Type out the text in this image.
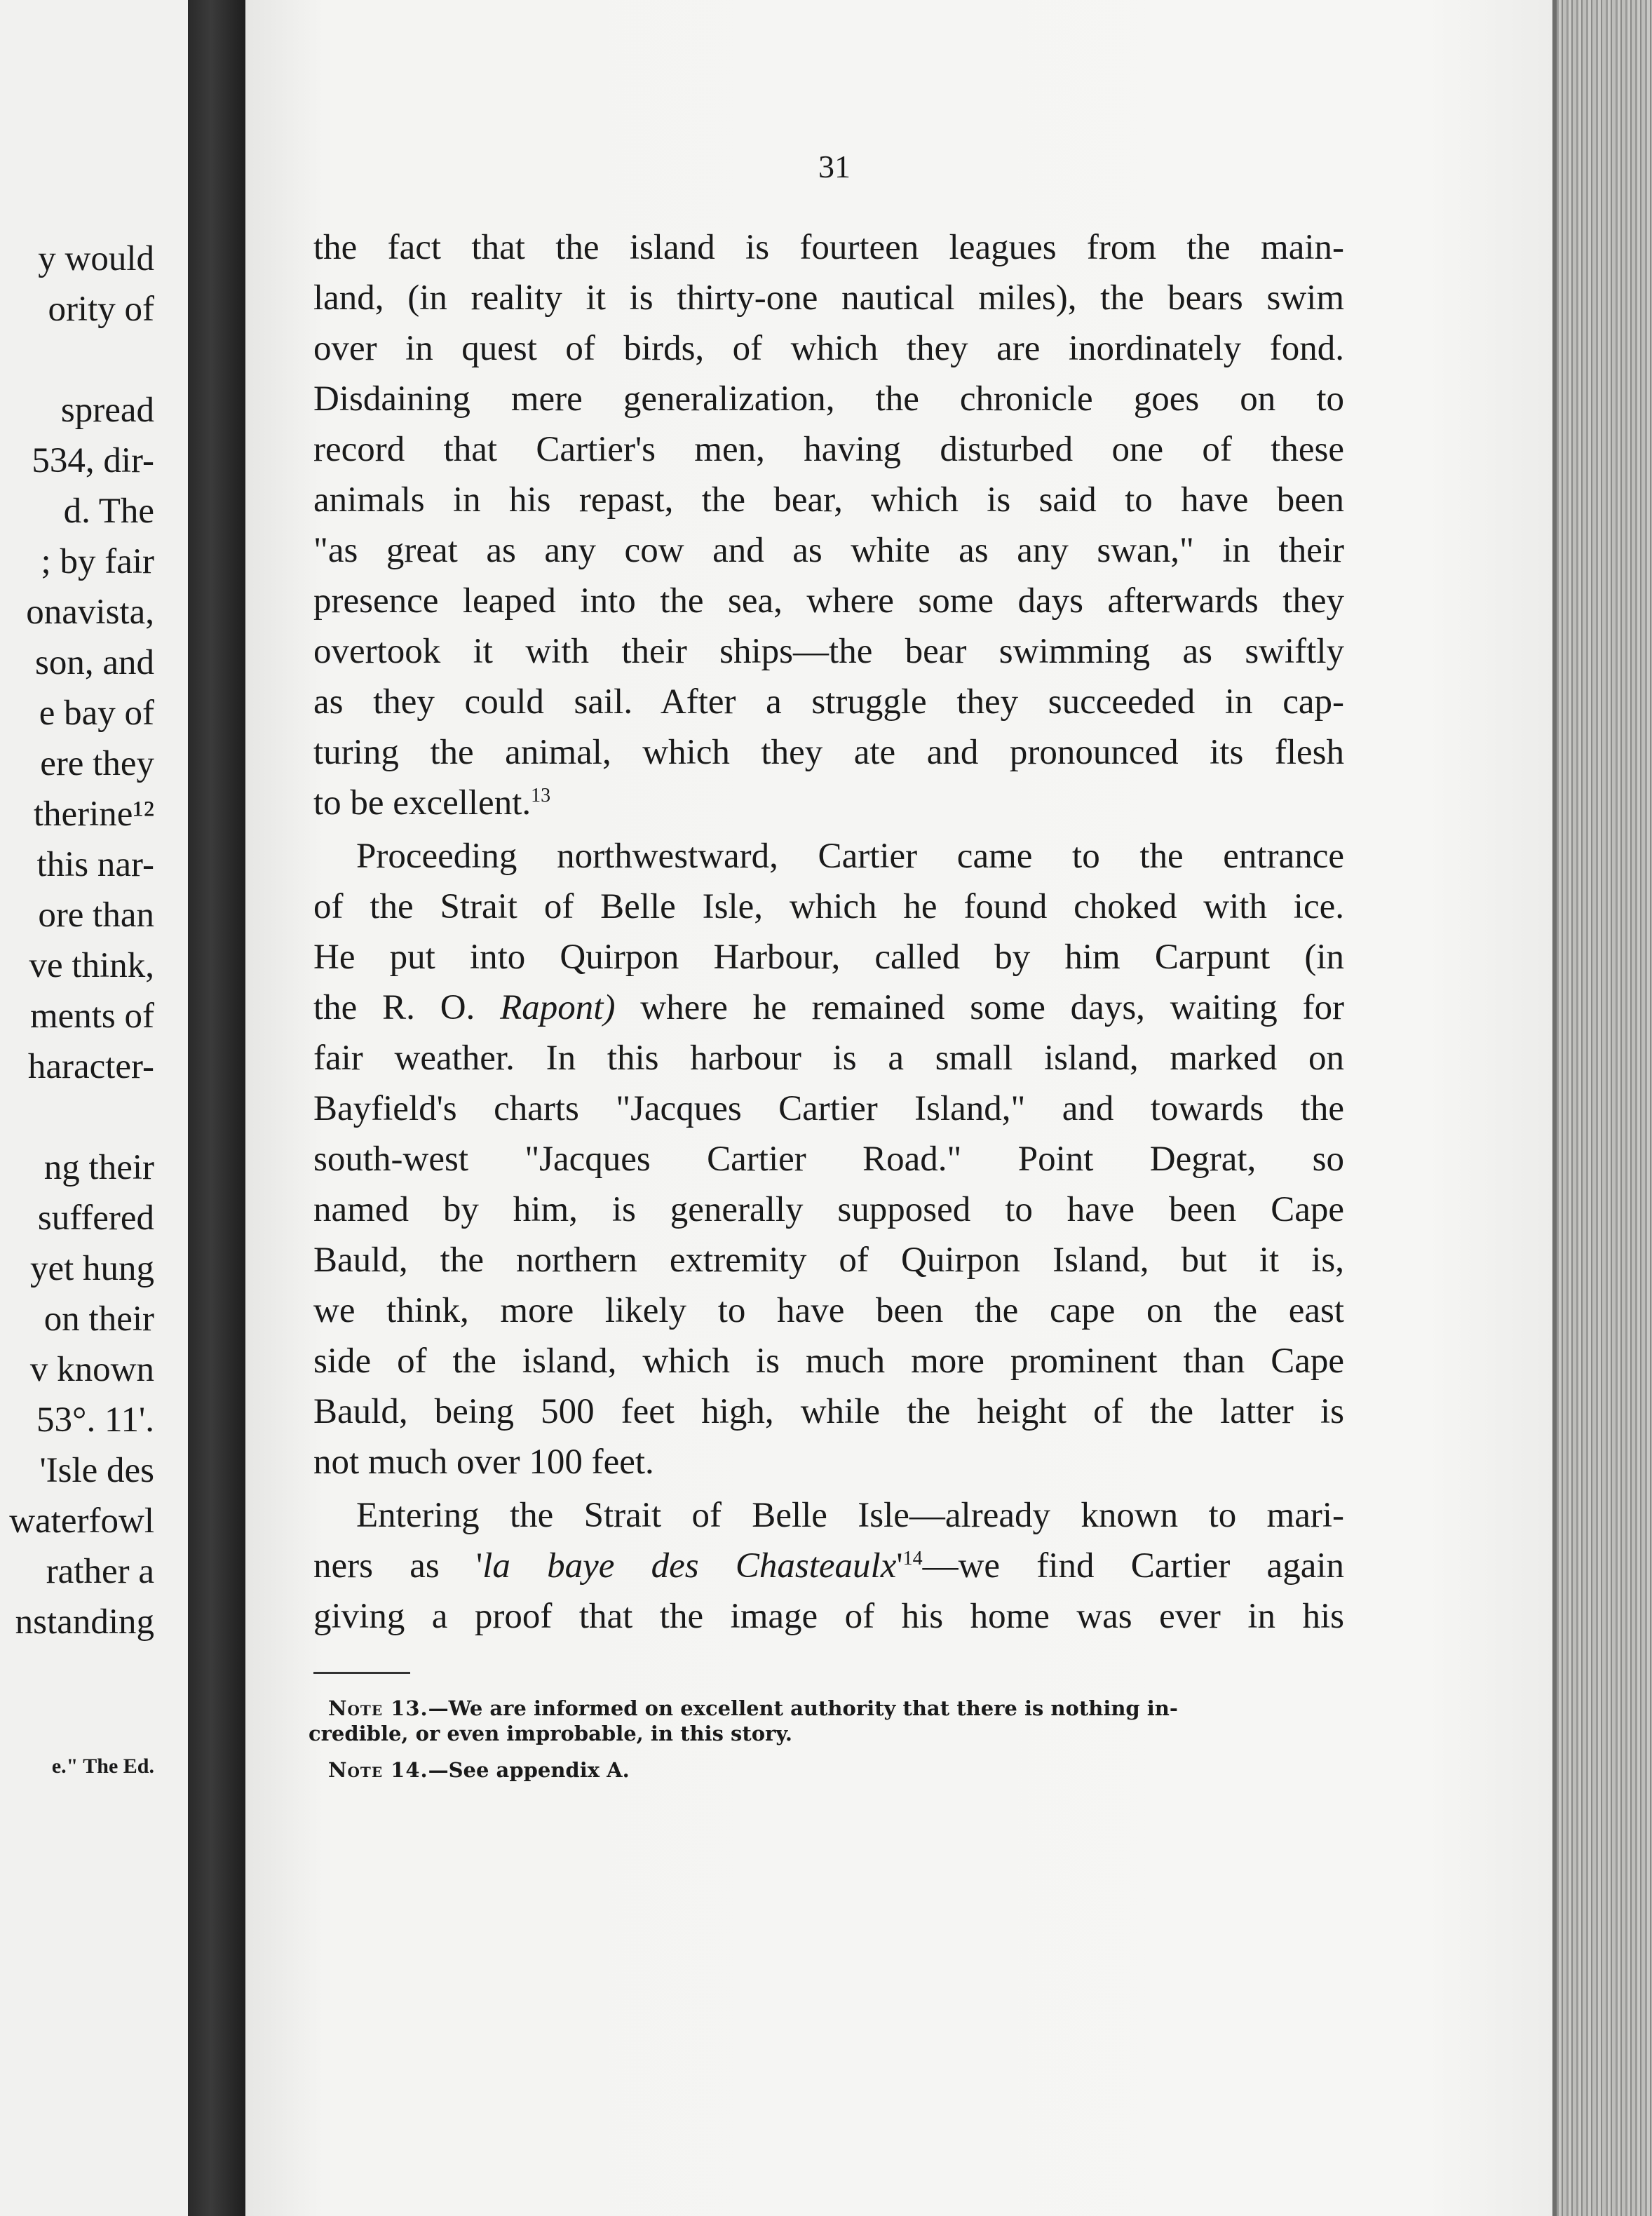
y would
ority of
spread
534, dir-
d. The
; by fair
onavista,
son, and
e bay of
ere they
therine¹²
this nar-
ore than
ve think,
ments of
haracter-
ng their
suffered
yet hung
on their
v known
53°. 11'.
'Isle des
waterfowl
rather a
nstanding
e." The Ed.
31
the fact that the island is fourteen leagues from the main-
land, (in reality it is thirty-one nautical miles), the bears swim
over in quest of birds, of which they are inordinately fond.
Disdaining mere generalization, the chronicle goes on to
record that Cartier's men, having disturbed one of these
animals in his repast, the bear, which is said to have been
"as great as any cow and as white as any swan," in their
presence leaped into the sea, where some days afterwards they
overtook it with their ships—the bear swimming as swiftly
as they could sail. After a struggle they succeeded in cap-
turing the animal, which they ate and pronounced its flesh
to be excellent.$^{13}$
Proceeding northwestward, Cartier came to the entrance
of the Strait of Belle Isle, which he found choked with ice.
He put into Quirpon Harbour, called by him Carpunt (in
the R. O. Rapont) where he remained some days, waiting for
fair weather. In this harbour is a small island, marked on
Bayfield's charts "Jacques Cartier Island," and towards the
south-west "Jacques Cartier Road." Point Degrat, so
named by him, is generally supposed to have been Cape
Bauld, the northern extremity of Quirpon Island, but it is,
we think, more likely to have been the cape on the east
side of the island, which is much more prominent than Cape
Bauld, being 500 feet high, while the height of the latter is
not much over 100 feet.
Entering the Strait of Belle Isle—already known to mari-
ners as 'la baye des $Chasteaulx'^{14}—we$ find Cartier again
giving a proof that the image of his home was ever in his
Note 13.—We are informed on excellent authority that there is nothing in-
credible, or even improbable, in this story.
Note 14.—See appendix A.
